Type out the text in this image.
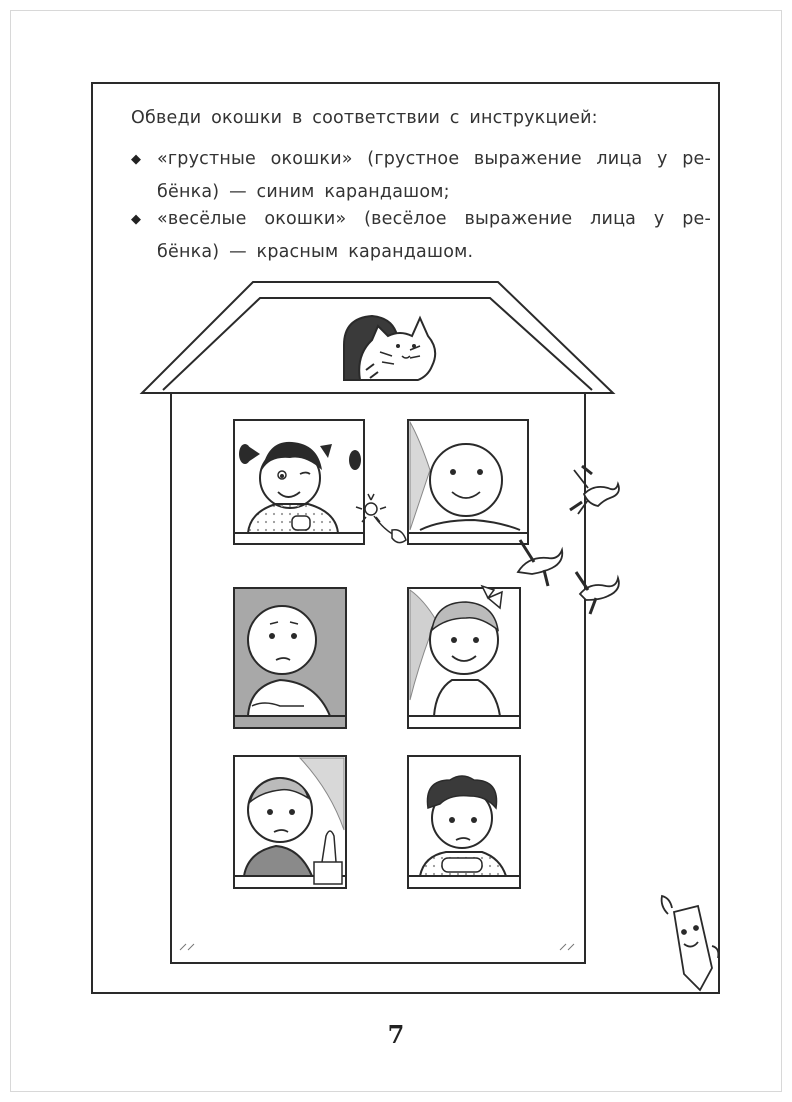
Обведи окошки в соответствии с инструкцией:
◆ «грустные окошки» (грустное выражение лица у ре-бёнка) — синим карандашом;
◆ «весёлые окошки» (весёлое выражение лица у ре-бёнка) — красным карандашом.
7
